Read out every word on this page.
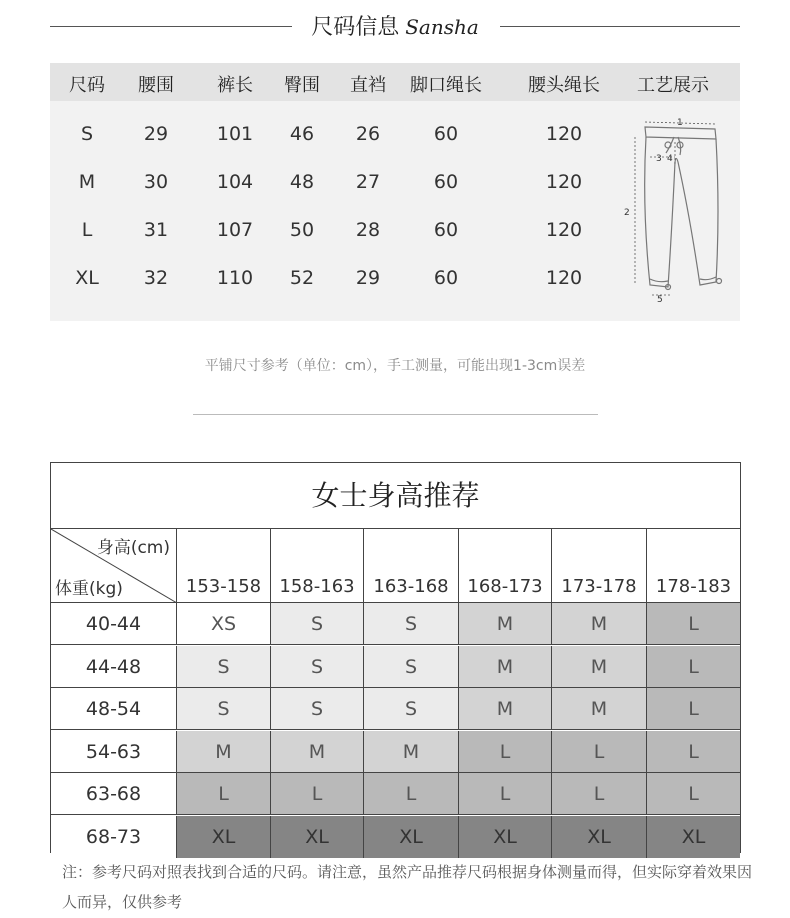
尺码信息 Sansha
尺码 腰围 裤长 臀围 直裆 脚口绳长	腰头绳长 工艺展示
S	29	101 46 26	60	120
M	30	104 48 27	60	120
L	31	107 50 28	60	120
XL 32	110 52 29	60	120
1
2
3 4
5
平铺尺寸参考（单位：cm），手工测量，可能出现1-3cm误差
女士身高推荐
身高(cm)
体重(kg)	153-158	158-163	163-168	168-173	173-178	178-183
40-44	XS	S	S	M	M	L
44-48	S	S	S	M	M	L
48-54	S	S	S	M	M	L
54-63	M	M	M	L	L	L
63-68	L	L	L	L	L	L
68-73	XL	XL	XL	XL	XL	XL
注：参考尺码对照表找到合适的尺码。请注意，虽然产品推荐尺码根据身体测量而得，但实际穿着效果因人而异，仅供参考
